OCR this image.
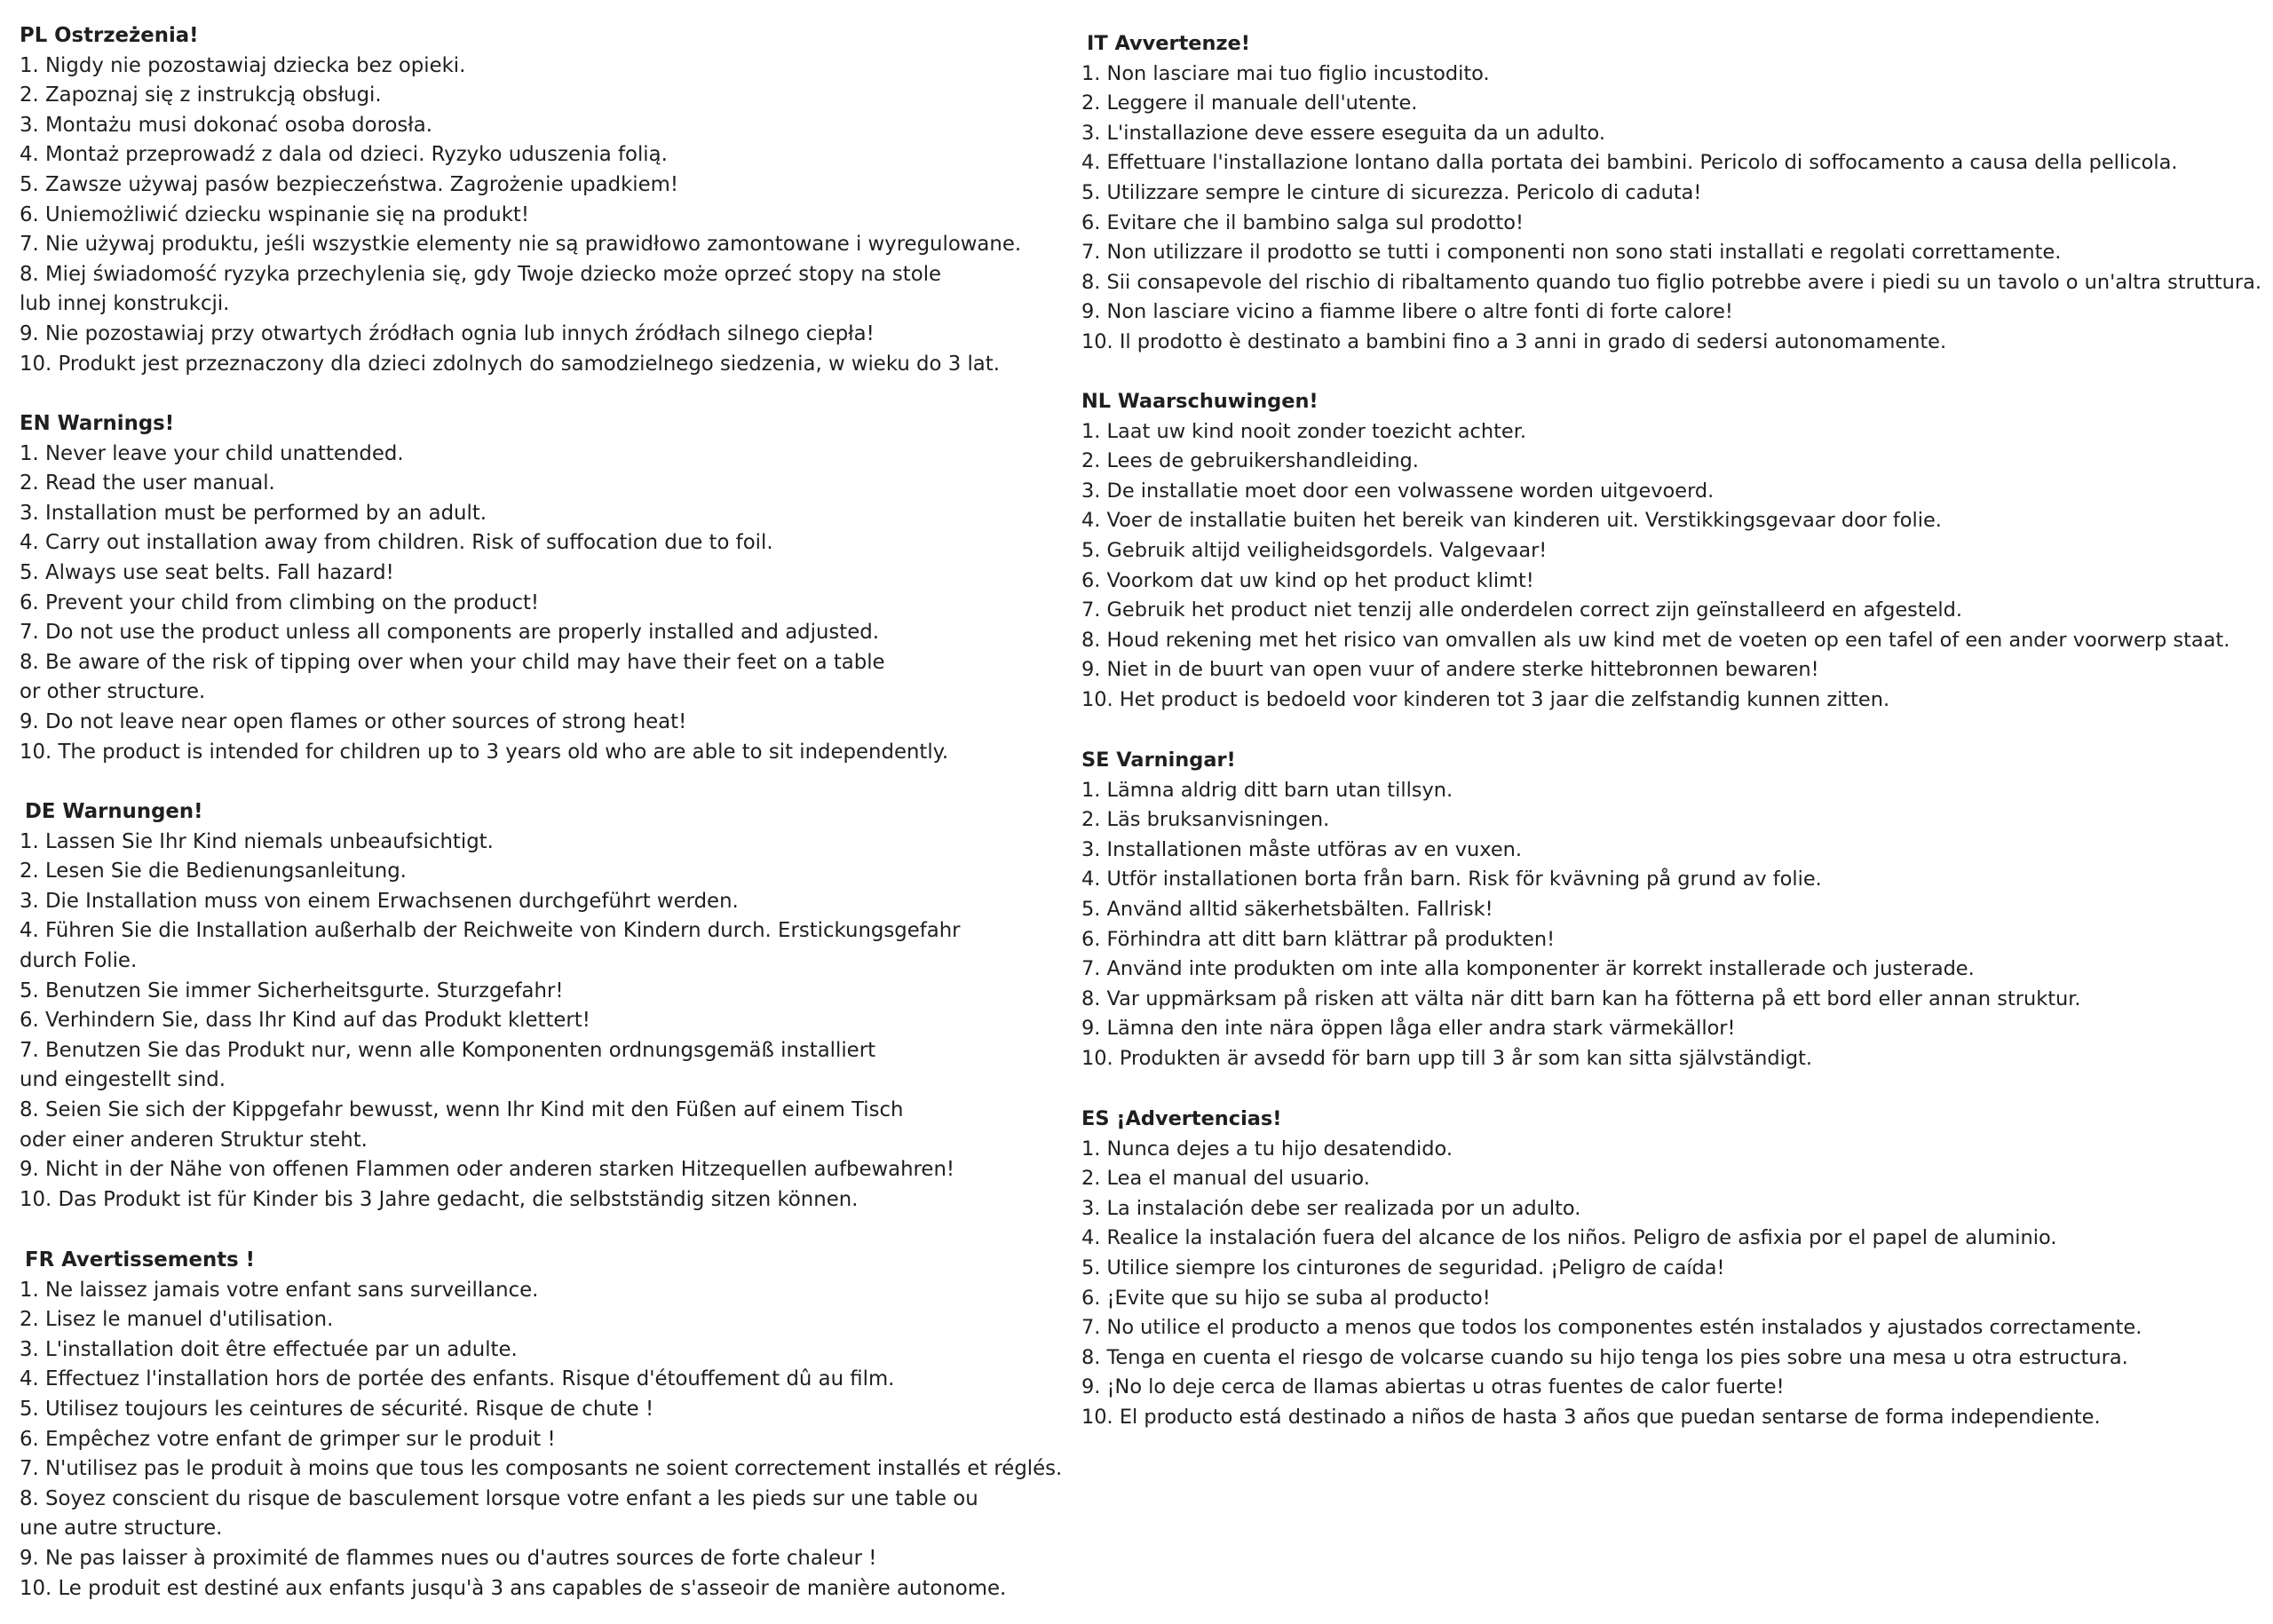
PL Ostrzeżenia!
1. Nigdy nie pozostawiaj dziecka bez opieki.
2. Zapoznaj się z instrukcją obsługi.
3. Montażu musi dokonać osoba dorosła.
4. Montaż przeprowadź z dala od dzieci. Ryzyko uduszenia folią.
5. Zawsze używaj pasów bezpieczeństwa. Zagrożenie upadkiem!
6. Uniemożliwić dziecku wspinanie się na produkt!
7. Nie używaj produktu, jeśli wszystkie elementy nie są prawidłowo zamontowane i wyregulowane.
8. Miej świadomość ryzyka przechylenia się, gdy Twoje dziecko może oprzeć stopy na stole
lub innej konstrukcji.
9. Nie pozostawiaj przy otwartych źródłach ognia lub innych źródłach silnego ciepła!
10. Produkt jest przeznaczony dla dzieci zdolnych do samodzielnego siedzenia, w wieku do 3 lat.
EN Warnings!
1. Never leave your child unattended.
2. Read the user manual.
3. Installation must be performed by an adult.
4. Carry out installation away from children. Risk of suffocation due to foil.
5. Always use seat belts. Fall hazard!
6. Prevent your child from climbing on the product!
7. Do not use the product unless all components are properly installed and adjusted.
8. Be aware of the risk of tipping over when your child may have their feet on a table
or other structure.
9. Do not leave near open flames or other sources of strong heat!
10. The product is intended for children up to 3 years old who are able to sit independently.
DE Warnungen!
1. Lassen Sie Ihr Kind niemals unbeaufsichtigt.
2. Lesen Sie die Bedienungsanleitung.
3. Die Installation muss von einem Erwachsenen durchgeführt werden.
4. Führen Sie die Installation außerhalb der Reichweite von Kindern durch. Erstickungsgefahr
durch Folie.
5. Benutzen Sie immer Sicherheitsgurte. Sturzgefahr!
6. Verhindern Sie, dass Ihr Kind auf das Produkt klettert!
7. Benutzen Sie das Produkt nur, wenn alle Komponenten ordnungsgemäß installiert
und eingestellt sind.
8. Seien Sie sich der Kippgefahr bewusst, wenn Ihr Kind mit den Füßen auf einem Tisch
oder einer anderen Struktur steht.
9. Nicht in der Nähe von offenen Flammen oder anderen starken Hitzequellen aufbewahren!
10. Das Produkt ist für Kinder bis 3 Jahre gedacht, die selbstständig sitzen können.
FR Avertissements !
1. Ne laissez jamais votre enfant sans surveillance.
2. Lisez le manuel d'utilisation.
3. L'installation doit être effectuée par un adulte.
4. Effectuez l'installation hors de portée des enfants. Risque d'étouffement dû au film.
5. Utilisez toujours les ceintures de sécurité. Risque de chute !
6. Empêchez votre enfant de grimper sur le produit !
7. N'utilisez pas le produit à moins que tous les composants ne soient correctement installés et réglés.
8. Soyez conscient du risque de basculement lorsque votre enfant a les pieds sur une table ou
une autre structure.
9. Ne pas laisser à proximité de flammes nues ou d'autres sources de forte chaleur !
10. Le produit est destiné aux enfants jusqu'à 3 ans capables de s'asseoir de manière autonome.
IT Avvertenze!
1. Non lasciare mai tuo figlio incustodito.
2. Leggere il manuale dell'utente.
3. L'installazione deve essere eseguita da un adulto.
4. Effettuare l'installazione lontano dalla portata dei bambini. Pericolo di soffocamento a causa della pellicola.
5. Utilizzare sempre le cinture di sicurezza. Pericolo di caduta!
6. Evitare che il bambino salga sul prodotto!
7. Non utilizzare il prodotto se tutti i componenti non sono stati installati e regolati correttamente.
8. Sii consapevole del rischio di ribaltamento quando tuo figlio potrebbe avere i piedi su un tavolo o un'altra struttura.
9. Non lasciare vicino a fiamme libere o altre fonti di forte calore!
10. Il prodotto è destinato a bambini fino a 3 anni in grado di sedersi autonomamente.
NL Waarschuwingen!
1. Laat uw kind nooit zonder toezicht achter.
2. Lees de gebruikershandleiding.
3. De installatie moet door een volwassene worden uitgevoerd.
4. Voer de installatie buiten het bereik van kinderen uit. Verstikkingsgevaar door folie.
5. Gebruik altijd veiligheidsgordels. Valgevaar!
6. Voorkom dat uw kind op het product klimt!
7. Gebruik het product niet tenzij alle onderdelen correct zijn geïnstalleerd en afgesteld.
8. Houd rekening met het risico van omvallen als uw kind met de voeten op een tafel of een ander voorwerp staat.
9. Niet in de buurt van open vuur of andere sterke hittebronnen bewaren!
10. Het product is bedoeld voor kinderen tot 3 jaar die zelfstandig kunnen zitten.
SE Varningar!
1. Lämna aldrig ditt barn utan tillsyn.
2. Läs bruksanvisningen.
3. Installationen måste utföras av en vuxen.
4. Utför installationen borta från barn. Risk för kvävning på grund av folie.
5. Använd alltid säkerhetsbälten. Fallrisk!
6. Förhindra att ditt barn klättrar på produkten!
7. Använd inte produkten om inte alla komponenter är korrekt installerade och justerade.
8. Var uppmärksam på risken att välta när ditt barn kan ha fötterna på ett bord eller annan struktur.
9. Lämna den inte nära öppen låga eller andra stark värmekällor!
10. Produkten är avsedd för barn upp till 3 år som kan sitta självständigt.
ES ¡Advertencias!
1. Nunca dejes a tu hijo desatendido.
2. Lea el manual del usuario.
3. La instalación debe ser realizada por un adulto.
4. Realice la instalación fuera del alcance de los niños. Peligro de asfixia por el papel de aluminio.
5. Utilice siempre los cinturones de seguridad. ¡Peligro de caída!
6. ¡Evite que su hijo se suba al producto!
7. No utilice el producto a menos que todos los componentes estén instalados y ajustados correctamente.
8. Tenga en cuenta el riesgo de volcarse cuando su hijo tenga los pies sobre una mesa u otra estructura.
9. ¡No lo deje cerca de llamas abiertas u otras fuentes de calor fuerte!
10. El producto está destinado a niños de hasta 3 años que puedan sentarse de forma independiente.
